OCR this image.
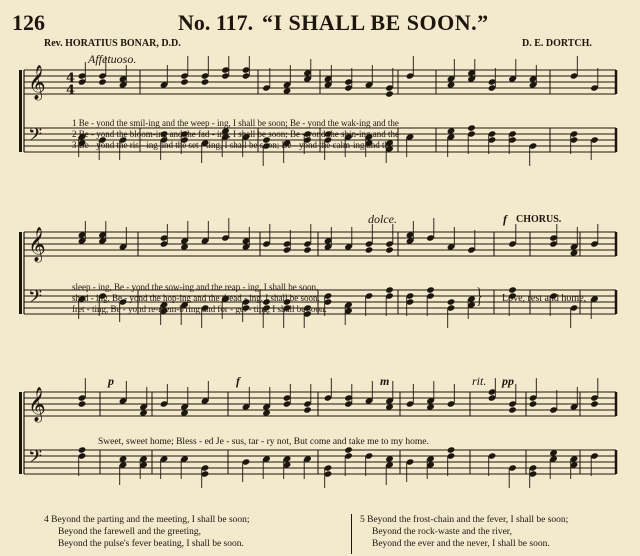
126	No. 117. “I SHALL BE SOON.”
Rev. HORATIUS BONAR, D.D.	D. E. DORTCH.
Affetuoso.
4
4
𝄞
𝄢
𝄞
𝄢
𝄞
𝄢
1 Be - yond the smil-ing and the weep - ing, I shall be soon; Be - yond the wak-ing and the
2 Be - yond the bloom-ing and the fad - ing, I shall be soon; Be - yond the shin-ing and the
3 Be - yond the ris - ing and the set - ting, I shall be soon; Be - yond the calm-ing and the
dolce.	f CHORUS.
sleep - ing, Be - yond the sow-ing and the reap - ing, I shall be soon.
shad - ing, Be - yond the hop-ing and the dread - ing, I shall be soon.
fret - ting, Be - yond re-mem-b'ring and for - get - ting, I shall be soon.
} Love, rest and home,
p	f	m	rit. pp
Sweet, sweet home; Bless - ed Je - sus, tar - ry not, But come and take me to my home.
4 Beyond the parting and the meeting, I shall be soon;
Beyond the farewell and the greeting,
Beyond the pulse's fever beating, I shall be soon.
5 Beyond the frost-chain and the fever, I shall be soon;
Beyond the rock-waste and the river,
Beyond the ever and the never, I shall be soon.
